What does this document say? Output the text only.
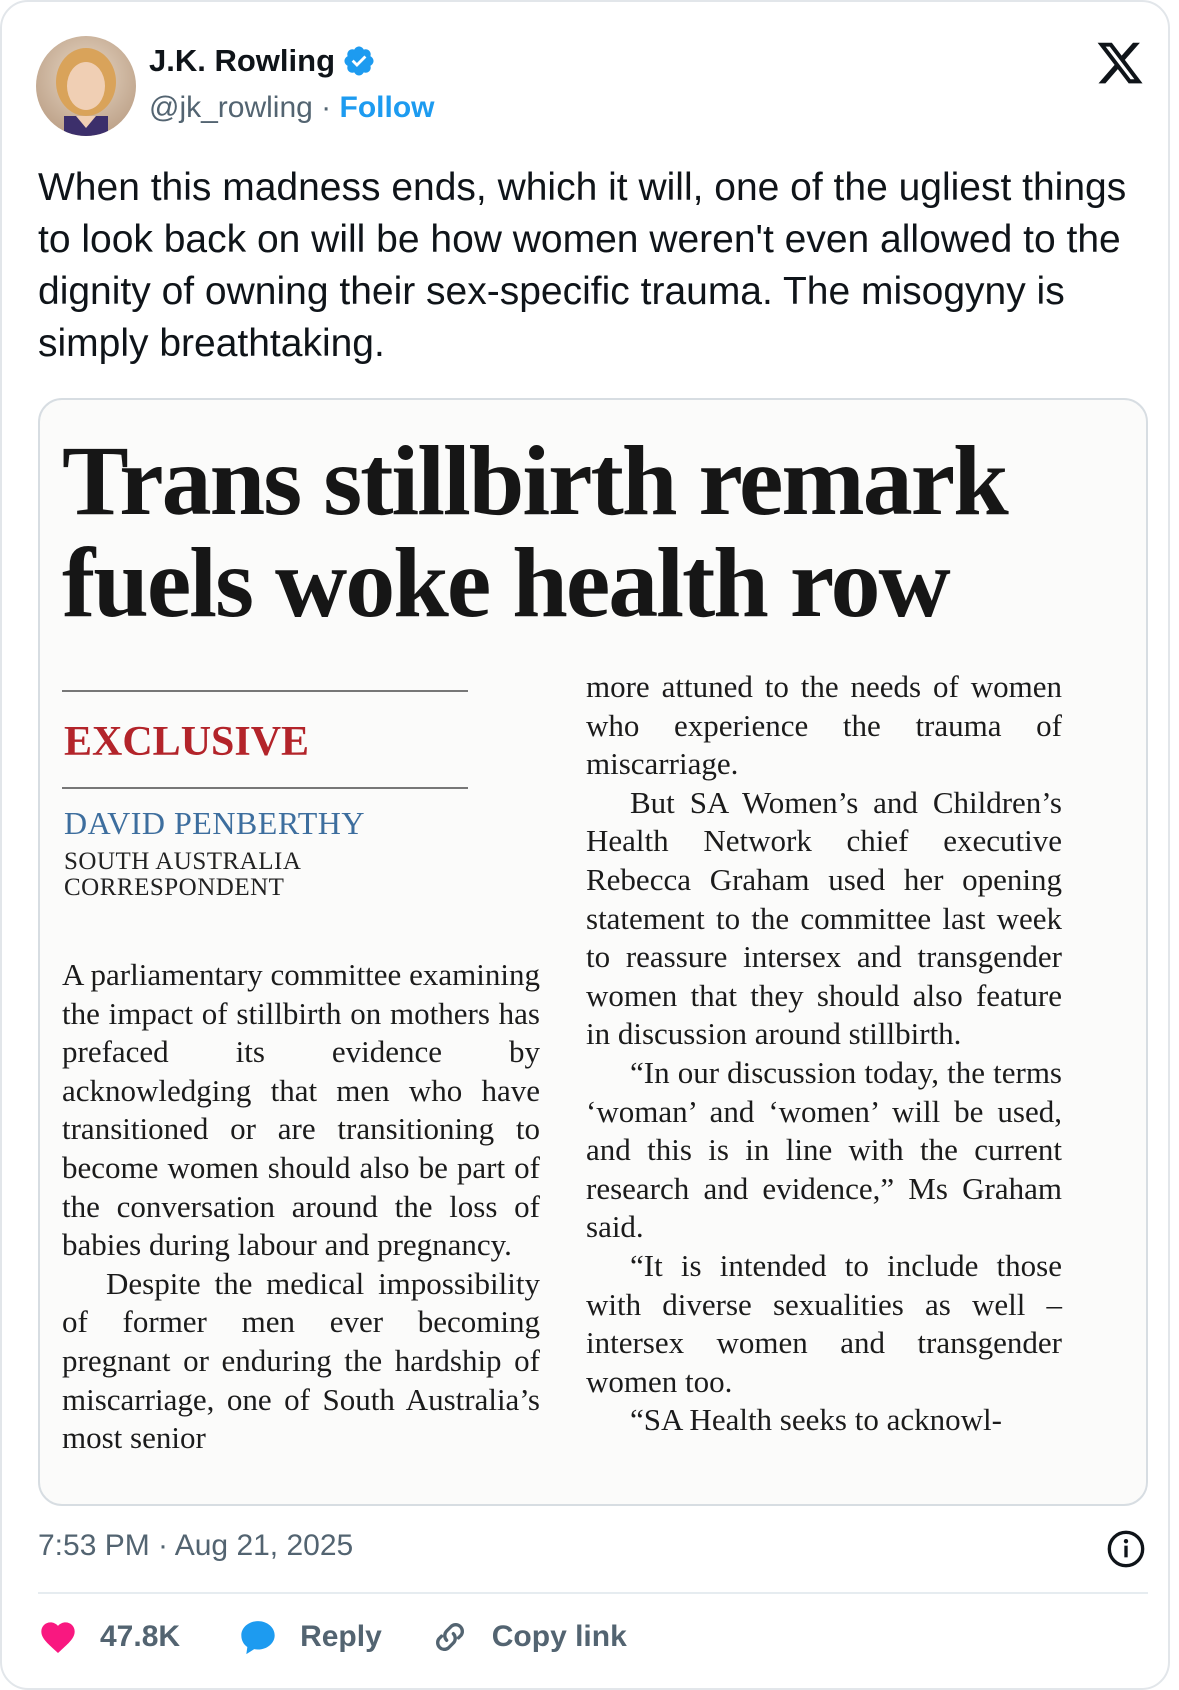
J.K. Rowling
@jk_rowling · Follow
When this madness ends, which it will, one of the ugliest things to look back on will be how women weren't even allowed to the dignity of owning their sex-specific trauma. The misogyny is simply breathtaking.
Trans stillbirth remark
fuels woke health row
EXCLUSIVE
DAVID PENBERTHY
SOUTH AUSTRALIA
CORRESPONDENT

A parliamentary committee examining the impact of stillbirth on mothers has prefaced its evidence by acknowledging that men who have transitioned or are transitioning to become women should also be part of the conversation around the loss of babies during labour and pregnancy.

Despite the medical impossibility of former men ever becoming pregnant or enduring the hardship of miscarriage, one of South Australia’s most senior

more attuned to the needs of women who experience the trauma of miscarriage.

But SA Women’s and Children’s Health Network chief executive Rebecca Graham used her opening statement to the committee last week to reassure intersex and transgender women that they should also feature in discussion around stillbirth.

“In our discussion today, the terms ‘woman’ and ‘women’ will be used, and this is in line with the current research and evidence,” Ms Graham said.

“It is intended to include those with diverse sexualities as well – intersex women and transgender women too.

“SA Health seeks to acknowl-

7:53 PM · Aug 21, 2025
47.8K	Reply	Copy link
